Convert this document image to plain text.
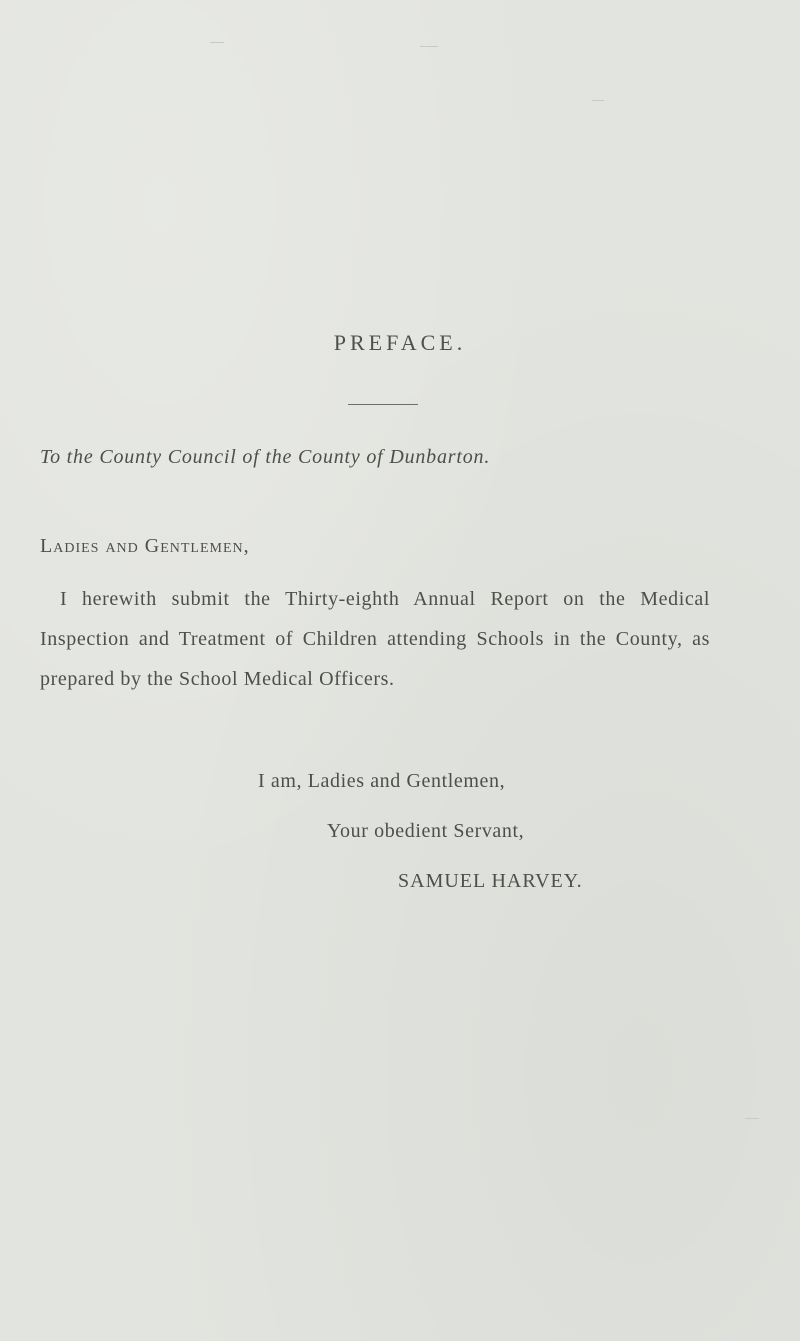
PREFACE.
To the County Council of the County of Dunbarton.
Ladies and Gentlemen,
I herewith submit the Thirty-eighth Annual Report on the Medical Inspection and Treatment of Children attending Schools in the County, as prepared by the School Medical Officers.
I am, Ladies and Gentlemen,
Your obedient Servant,
SAMUEL HARVEY.
